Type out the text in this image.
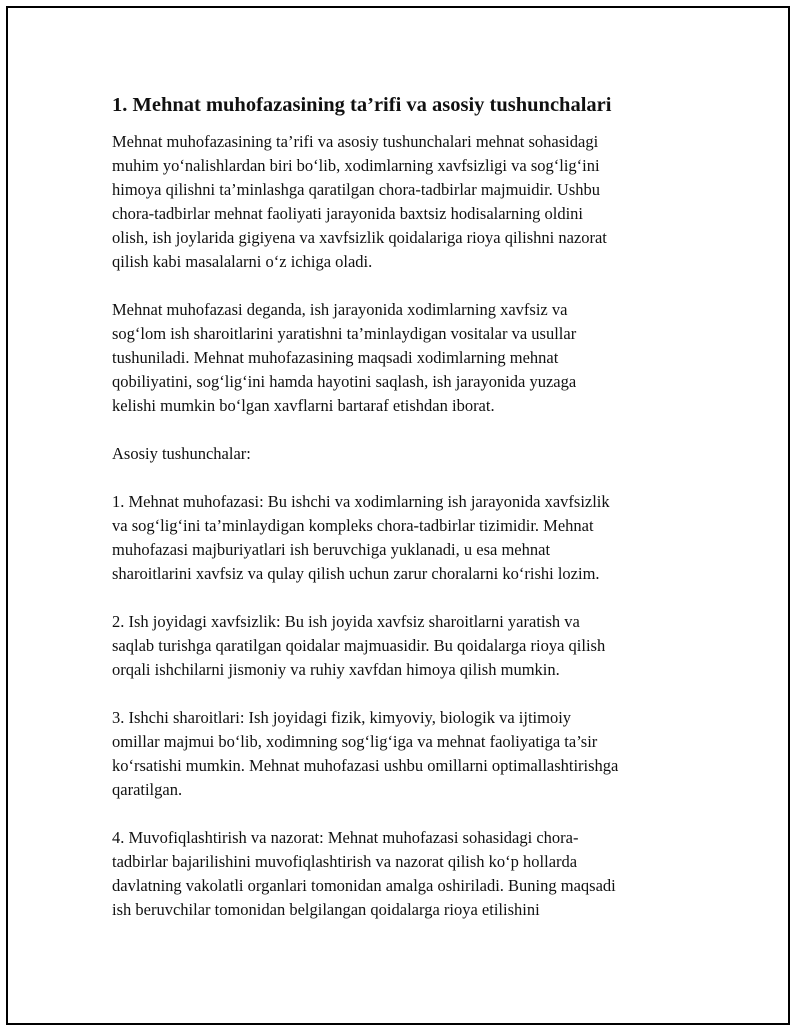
1. Mehnat muhofazasining ta’rifi va asosiy tushunchalari
Mehnat muhofazasining ta’rifi va asosiy tushunchalari mehnat sohasidagi
muhim yo‘nalishlardan biri bo‘lib, xodimlarning xavfsizligi va sog‘lig‘ini
himoya qilishni ta’minlashga qaratilgan chora-tadbirlar majmuidir. Ushbu
chora-tadbirlar mehnat faoliyati jarayonida baxtsiz hodisalarning oldini
olish, ish joylarida gigiyena va xavfsizlik qoidalariga rioya qilishni nazorat
qilish kabi masalalarni o‘z ichiga oladi.
Mehnat muhofazasi deganda, ish jarayonida xodimlarning xavfsiz va
sog‘lom ish sharoitlarini yaratishni ta’minlaydigan vositalar va usullar
tushuniladi. Mehnat muhofazasining maqsadi xodimlarning mehnat
qobiliyatini, sog‘lig‘ini hamda hayotini saqlash, ish jarayonida yuzaga
kelishi mumkin bo‘lgan xavflarni bartaraf etishdan iborat.
Asosiy tushunchalar:
1. Mehnat muhofazasi: Bu ishchi va xodimlarning ish jarayonida xavfsizlik
va sog‘lig‘ini ta’minlaydigan kompleks chora-tadbirlar tizimidir. Mehnat
muhofazasi majburiyatlari ish beruvchiga yuklanadi, u esa mehnat
sharoitlarini xavfsiz va qulay qilish uchun zarur choralarni ko‘rishi lozim.
2. Ish joyidagi xavfsizlik: Bu ish joyida xavfsiz sharoitlarni yaratish va
saqlab turishga qaratilgan qoidalar majmuasidir. Bu qoidalarga rioya qilish
orqali ishchilarni jismoniy va ruhiy xavfdan himoya qilish mumkin.
3. Ishchi sharoitlari: Ish joyidagi fizik, kimyoviy, biologik va ijtimoiy
omillar majmui bo‘lib, xodimning sog‘lig‘iga va mehnat faoliyatiga ta’sir
ko‘rsatishi mumkin. Mehnat muhofazasi ushbu omillarni optimallashtirishga
qaratilgan.
4. Muvofiqlashtirish va nazorat: Mehnat muhofazasi sohasidagi chora-
tadbirlar bajarilishini muvofiqlashtirish va nazorat qilish ko‘p hollarda
davlatning vakolatli organlari tomonidan amalga oshiriladi. Buning maqsadi
ish beruvchilar tomonidan belgilangan qoidalarga rioya etilishini
